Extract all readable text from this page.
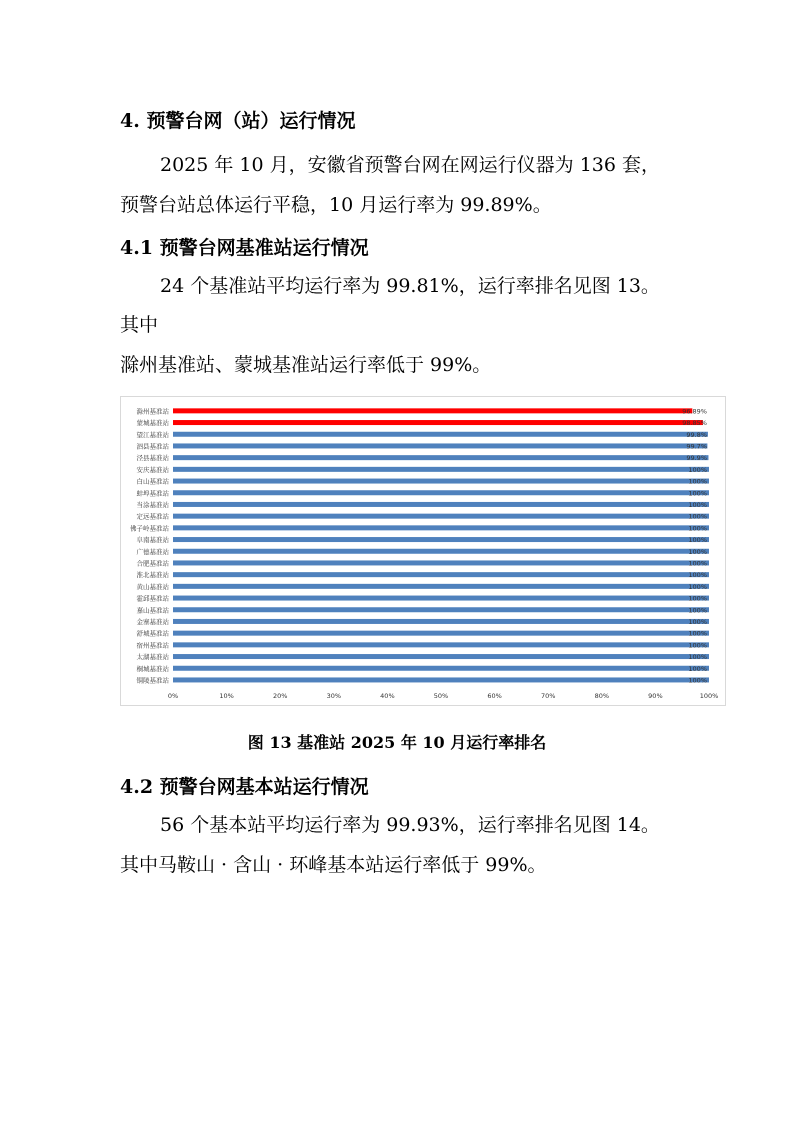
4. 预警台网（站）运行情况
2025 年 10 月，安徽省预警台网在网运行仪器为 136 套，
预警台站总体运行平稳，10 月运行率为 99.89%。
4.1 预警台网基准站运行情况
24 个基准站平均运行率为 99.81%，运行率排名见图 13。
其中
滁州基准站、蒙城基准站运行率低于 99%。
滁州基准站	96.89%
蒙城基准站	98.85%
望江基准站	99.8%
泗县基准站	99.7%
泾县基准站	99.9%
安庆基准站	100%
白山基准站	100%
蚌埠基准站	100%
当涂基准站	100%
定远基准站	100%
佛子岭基准站	100%
阜南基准站	100%
广德基准站	100%
合肥基准站	100%
淮北基准站	100%
黄山基准站	100%
霍邱基准站	100%
嘉山基准站	100%
金寨基准站	100%
舒城基准站	100%
宿州基准站	100%
太湖基准站	100%
桐城基准站	100%
铜陵基准站	100%
0%	10%	20%	30%	40%	50%	60%	70%	80%	90%	100%
图 13 基准站 2025 年 10 月运行率排名
4.2 预警台网基本站运行情况
56 个基本站平均运行率为 99.93%，运行率排名见图 14。
其中马鞍山 · 含山 · 环峰基本站运行率低于 99%。
